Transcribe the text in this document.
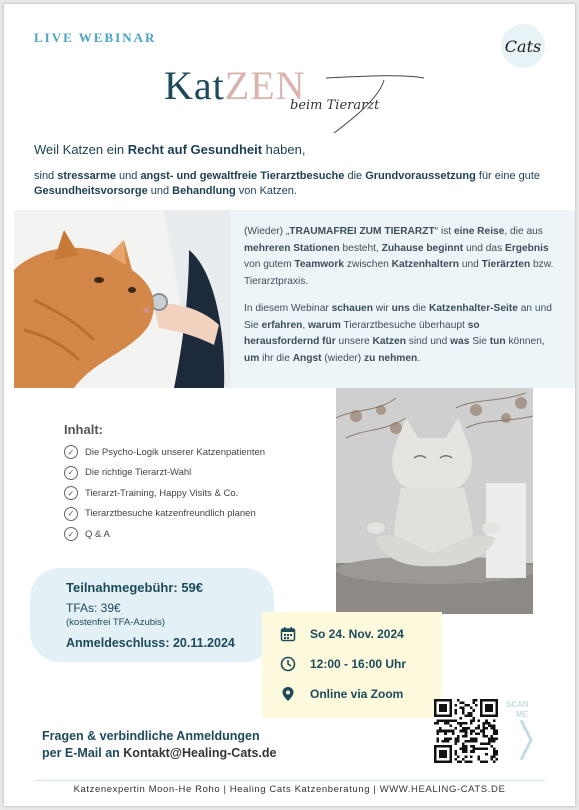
LIVE WEBINAR	Cats
KatZEN
beim Tierarzt
Weil Katzen ein Recht auf Gesundheit haben,
sind stressarme und angst- und gewaltfreie Tierarztbesuche die Grundvoraussetzung für eine gute Gesundheitsvorsorge und Behandlung von Katzen.

(Wieder) „TRAUMAFREI ZUM TIERARZT“ ist eine Reise, die aus mehreren Stationen besteht, Zuhause beginnt und das Ergebnis von gutem Teamwork zwischen Katzenhaltern und Tierärzten bzw. Tierarztpraxis.

In diesem Webinar schauen wir uns die Katzenhalter-Seite an und Sie erfahren, warum Tierarztbesuche überhaupt so herausfordernd für unsere Katzen sind und was Sie tun können, um ihr die Angst (wieder) zu nehmen.

Inhalt:
✓	Die Psycho-Logik unserer Katzenpatienten
✓	Die richtige Tierarzt-Wahl
✓	Tierarzt-Training, Happy Visits & Co.
✓	Tierarztbesuche katzenfreundlich planen
✓	Q & A
Teilnahmegebühr: 59€
TFAs: 39€
(kostenfrei TFA-Azubis)
Anmeldeschluss: 20.11.2024
So 24. Nov. 2024
12:00 - 16:00 Uhr
Online via Zoom
Fragen & verbindliche Anmeldungen
per E-Mail an Kontakt@Healing-Cats.de
SCAN
ME
Katzenexpertin Moon-He Roho | Healing Cats Katzenberatung | WWW.HEALING-CATS.DE
